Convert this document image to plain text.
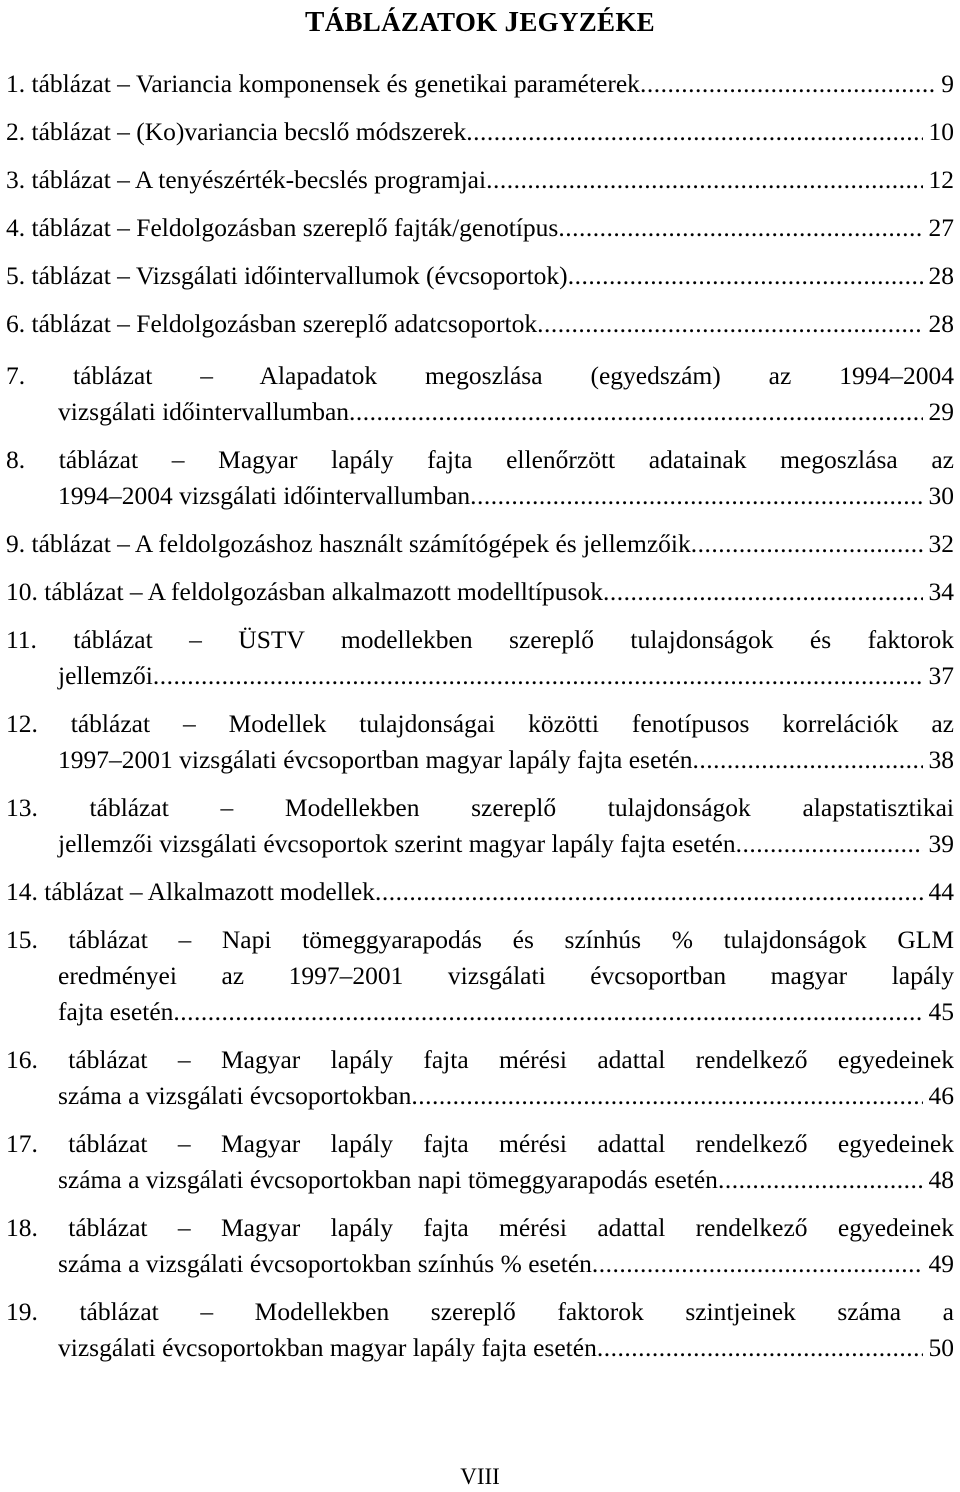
TÁBLÁZATOK JEGYZÉKE
1. táblázat – Variancia komponensek és genetikai paraméterek .....	9
2. táblázat – (Ko)variancia becslő módszerek .....	10
3. táblázat – A tenyészérték-becslés programjai .....	12
4. táblázat – Feldolgozásban szereplő fajták/genotípus .....	27
5. táblázat – Vizsgálati időintervallumok (évcsoportok) .....	28
6. táblázat – Feldolgozásban szereplő adatcsoportok .....	28
7. táblázat – Alapadatok megoszlása (egyedszám) az 1994–2004
vizsgálati időintervallumban .....	29
8. táblázat – Magyar lapály fajta ellenőrzött adatainak megoszlása az
1994–2004 vizsgálati időintervallumban .....	30
9. táblázat – A feldolgozáshoz használt számítógépek és jellemzőik .....	32
10. táblázat – A feldolgozásban alkalmazott modelltípusok .....	34
11. táblázat – ÜSTV modellekben szereplő tulajdonságok és faktorok
jellemzői .....	37
12. táblázat – Modellek tulajdonságai közötti fenotípusos korrelációk az
1997–2001 vizsgálati évcsoportban magyar lapály fajta esetén .....	38
13. táblázat – Modellekben szereplő tulajdonságok alapstatisztikai
jellemzői vizsgálati évcsoportok szerint magyar lapály fajta esetén .....	39
14. táblázat – Alkalmazott modellek .....	44
15. táblázat – Napi tömeggyarapodás és színhús % tulajdonságok GLM
eredményei az 1997–2001 vizsgálati évcsoportban magyar lapály
fajta esetén .....	45
16. táblázat – Magyar lapály fajta mérési adattal rendelkező egyedeinek
száma a vizsgálati évcsoportokban .....	46
17. táblázat – Magyar lapály fajta mérési adattal rendelkező egyedeinek
száma a vizsgálati évcsoportokban napi tömeggyarapodás esetén .....	48
18. táblázat – Magyar lapály fajta mérési adattal rendelkező egyedeinek
száma a vizsgálati évcsoportokban színhús % esetén .....	49
19. táblázat – Modellekben szereplő faktorok szintjeinek száma a
vizsgálati évcsoportokban magyar lapály fajta esetén .....	50
VIII
